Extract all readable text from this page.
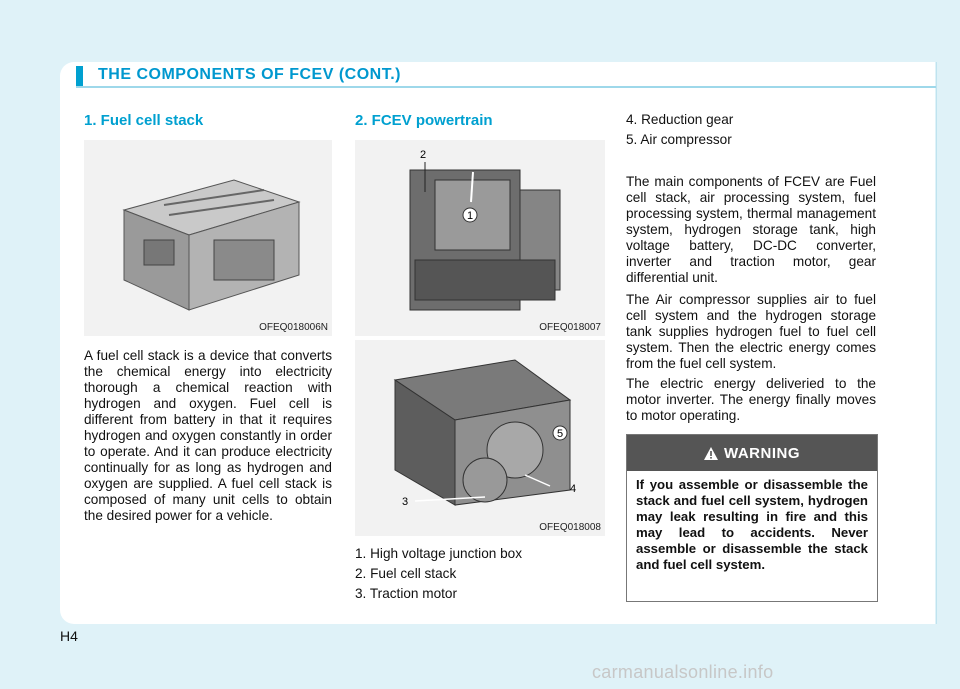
THE COMPONENTS OF FCEV (CONT.)
1. Fuel cell stack
OFEQ018006N

A fuel cell stack is a device that converts the chemical energy into electricity thorough a chemical reaction with hydrogen and oxygen. Fuel cell is different from battery in that it requires hydrogen and oxygen constantly in order to operate. And it can produce electricity continually for as long as hydrogen and oxygen are supplied. A fuel cell stack is composed of many unit cells to obtain the desired power for a vehicle.

2. FCEV powertrain
1
2
OFEQ018007
5
3
4
OFEQ018008

1. High voltage junction box

2. Fuel cell stack

3. Traction motor

4. Reduction gear

5. Air compressor

The main components of FCEV are Fuel cell stack, air processing system, fuel processing system, thermal management system, hydrogen storage tank, high voltage battery, DC-DC converter, inverter and traction motor, gear differential unit.

The Air compressor supplies air to fuel cell system and the hydrogen storage tank supplies hydrogen fuel to fuel cell system. Then the electric energy comes from the fuel cell system.

The electric energy deliveried to the motor inverter. The energy finally moves to motor operating.

WARNING
If you assemble or disassemble the stack and fuel cell system, hydrogen may leak resulting in fire and this may lead to accidents. Never assemble or disassemble the stack and fuel cell system.
H4
carmanualsonline.info
